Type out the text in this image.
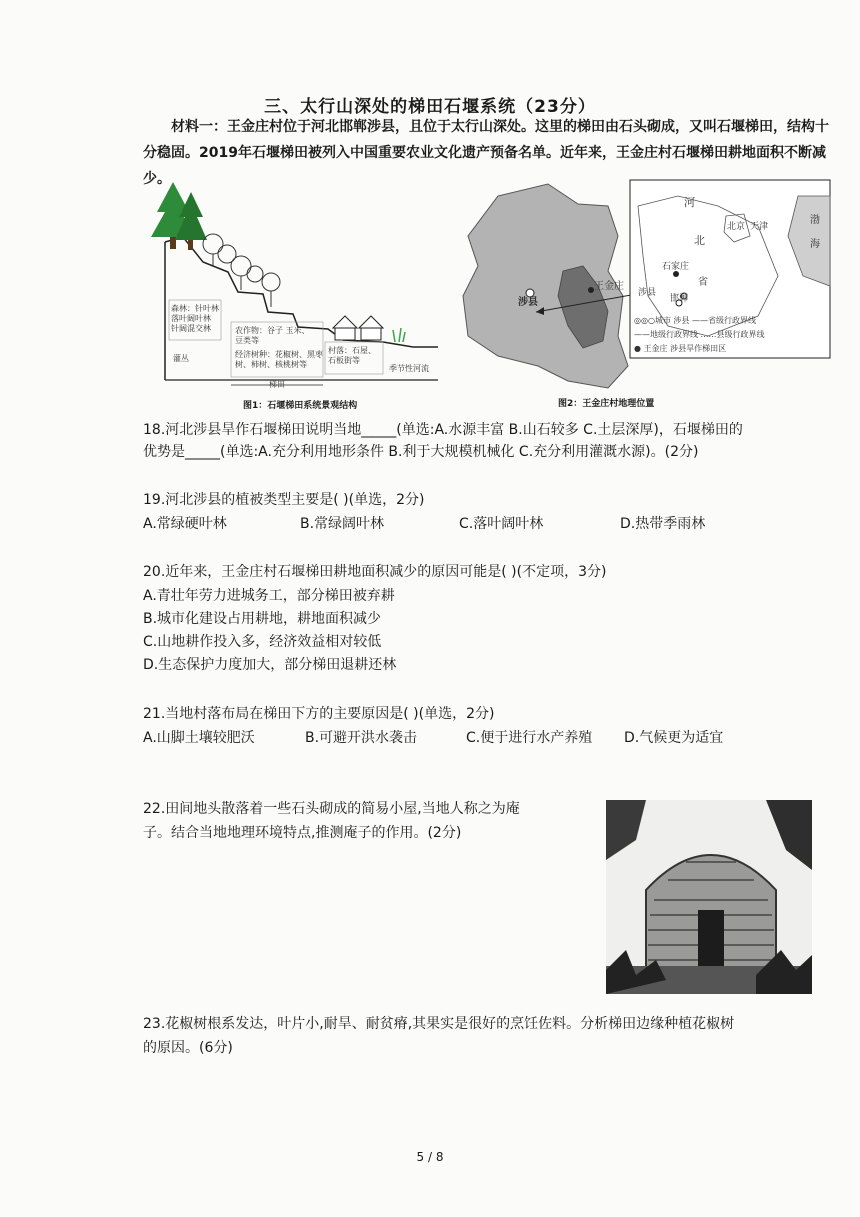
三、太行山深处的梯田石堰系统（23分）
材料一：王金庄村位于河北邯郸涉县，且位于太行山深处。这里的梯田由石头砌成，又叫石堰梯田，结构十分稳固。2019年石堰梯田被列入中国重要农业文化遗产预备名单。近年来，王金庄村石堰梯田耕地面积不断减少。
森林：针叶林 落叶阔叶林 针阔混交林
灌丛
农作物：谷子 玉米、豆类等
经济树种：花椒树、黑枣树、柿树、核桃树等
村落：石屋、石板街等
季节性河流
梯田
图1：石堰梯田系统景观结构
涉县
王金庄
河
北京 天津
北
渤
海
石家庄
省
涉县
邯郸
◎◎○城市 涉县 ——省级行政界线
——地级行政界线 ……县级行政界线
● 王金庄 涉县旱作梯田区
图2：王金庄村地理位置
18.河北涉县旱作石堰梯田说明当地_____(单选:A.水源丰富 B.山石较多 C.土层深厚)，石堰梯田的
优势是_____(单选:A.充分利用地形条件 B.利于大规模机械化 C.充分利用灌溉水源)。(2分)
19.河北涉县的植被类型主要是( )(单选，2分)
A.常绿硬叶林	B.常绿阔叶林	C.落叶阔叶林	D.热带季雨林
20.近年来，王金庄村石堰梯田耕地面积减少的原因可能是( )(不定项，3分)
A.青壮年劳力进城务工，部分梯田被弃耕
B.城市化建设占用耕地，耕地面积减少
C.山地耕作投入多，经济效益相对较低
D.生态保护力度加大，部分梯田退耕还林
21.当地村落布局在梯田下方的主要原因是( )(单选，2分)
A.山脚土壤较肥沃	B.可避开洪水袭击	C.便于进行水产养殖 D.气候更为适宜
22.田间地头散落着一些石头砌成的简易小屋,当地人称之为庵
子。结合当地地理环境特点,推测庵子的作用。(2分)
23.花椒树根系发达，叶片小,耐旱、耐贫瘠,其果实是很好的烹饪佐料。分析梯田边缘种植花椒树
的原因。(6分)
5 / 8
